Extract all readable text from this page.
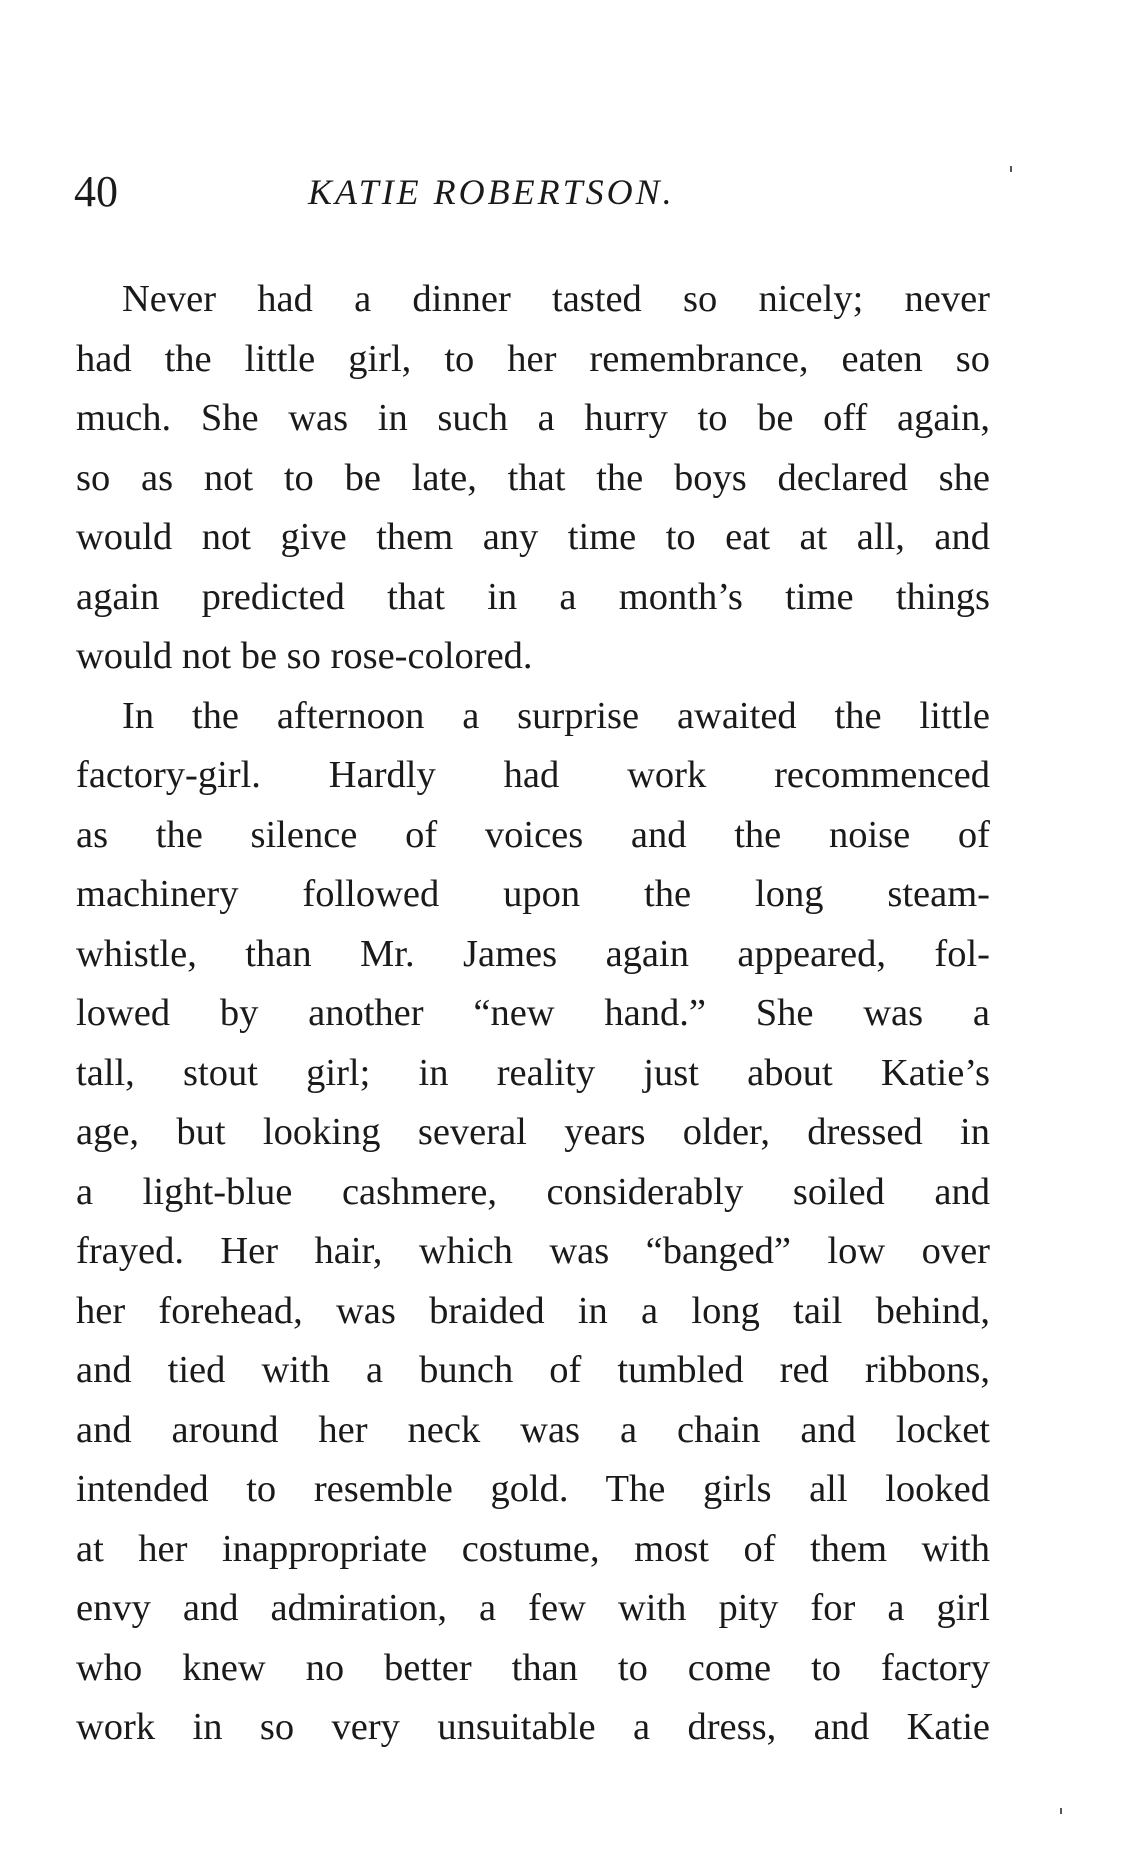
40	KATIE ROBERTSON.
Never had a dinner tasted so nicely; never
had the little girl, to her remembrance, eaten so
much. She was in such a hurry to be off again,
so as not to be late, that the boys declared she
would not give them any time to eat at all, and
again predicted that in a month’s time things
would not be so rose-colored.
In the afternoon a surprise awaited the little
factory-girl. Hardly had work recommenced
as the silence of voices and the noise of
machinery followed upon the long steam-
whistle, than Mr. James again appeared, fol-
lowed by another “new hand.” She was a
tall, stout girl; in reality just about Katie’s
age, but looking several years older, dressed in
a light-blue cashmere, considerably soiled and
frayed. Her hair, which was “banged” low over
her forehead, was braided in a long tail behind,
and tied with a bunch of tumbled red ribbons,
and around her neck was a chain and locket
intended to resemble gold. The girls all looked
at her inappropriate costume, most of them with
envy and admiration, a few with pity for a girl
who knew no better than to come to factory
work in so very unsuitable a dress, and Katie
